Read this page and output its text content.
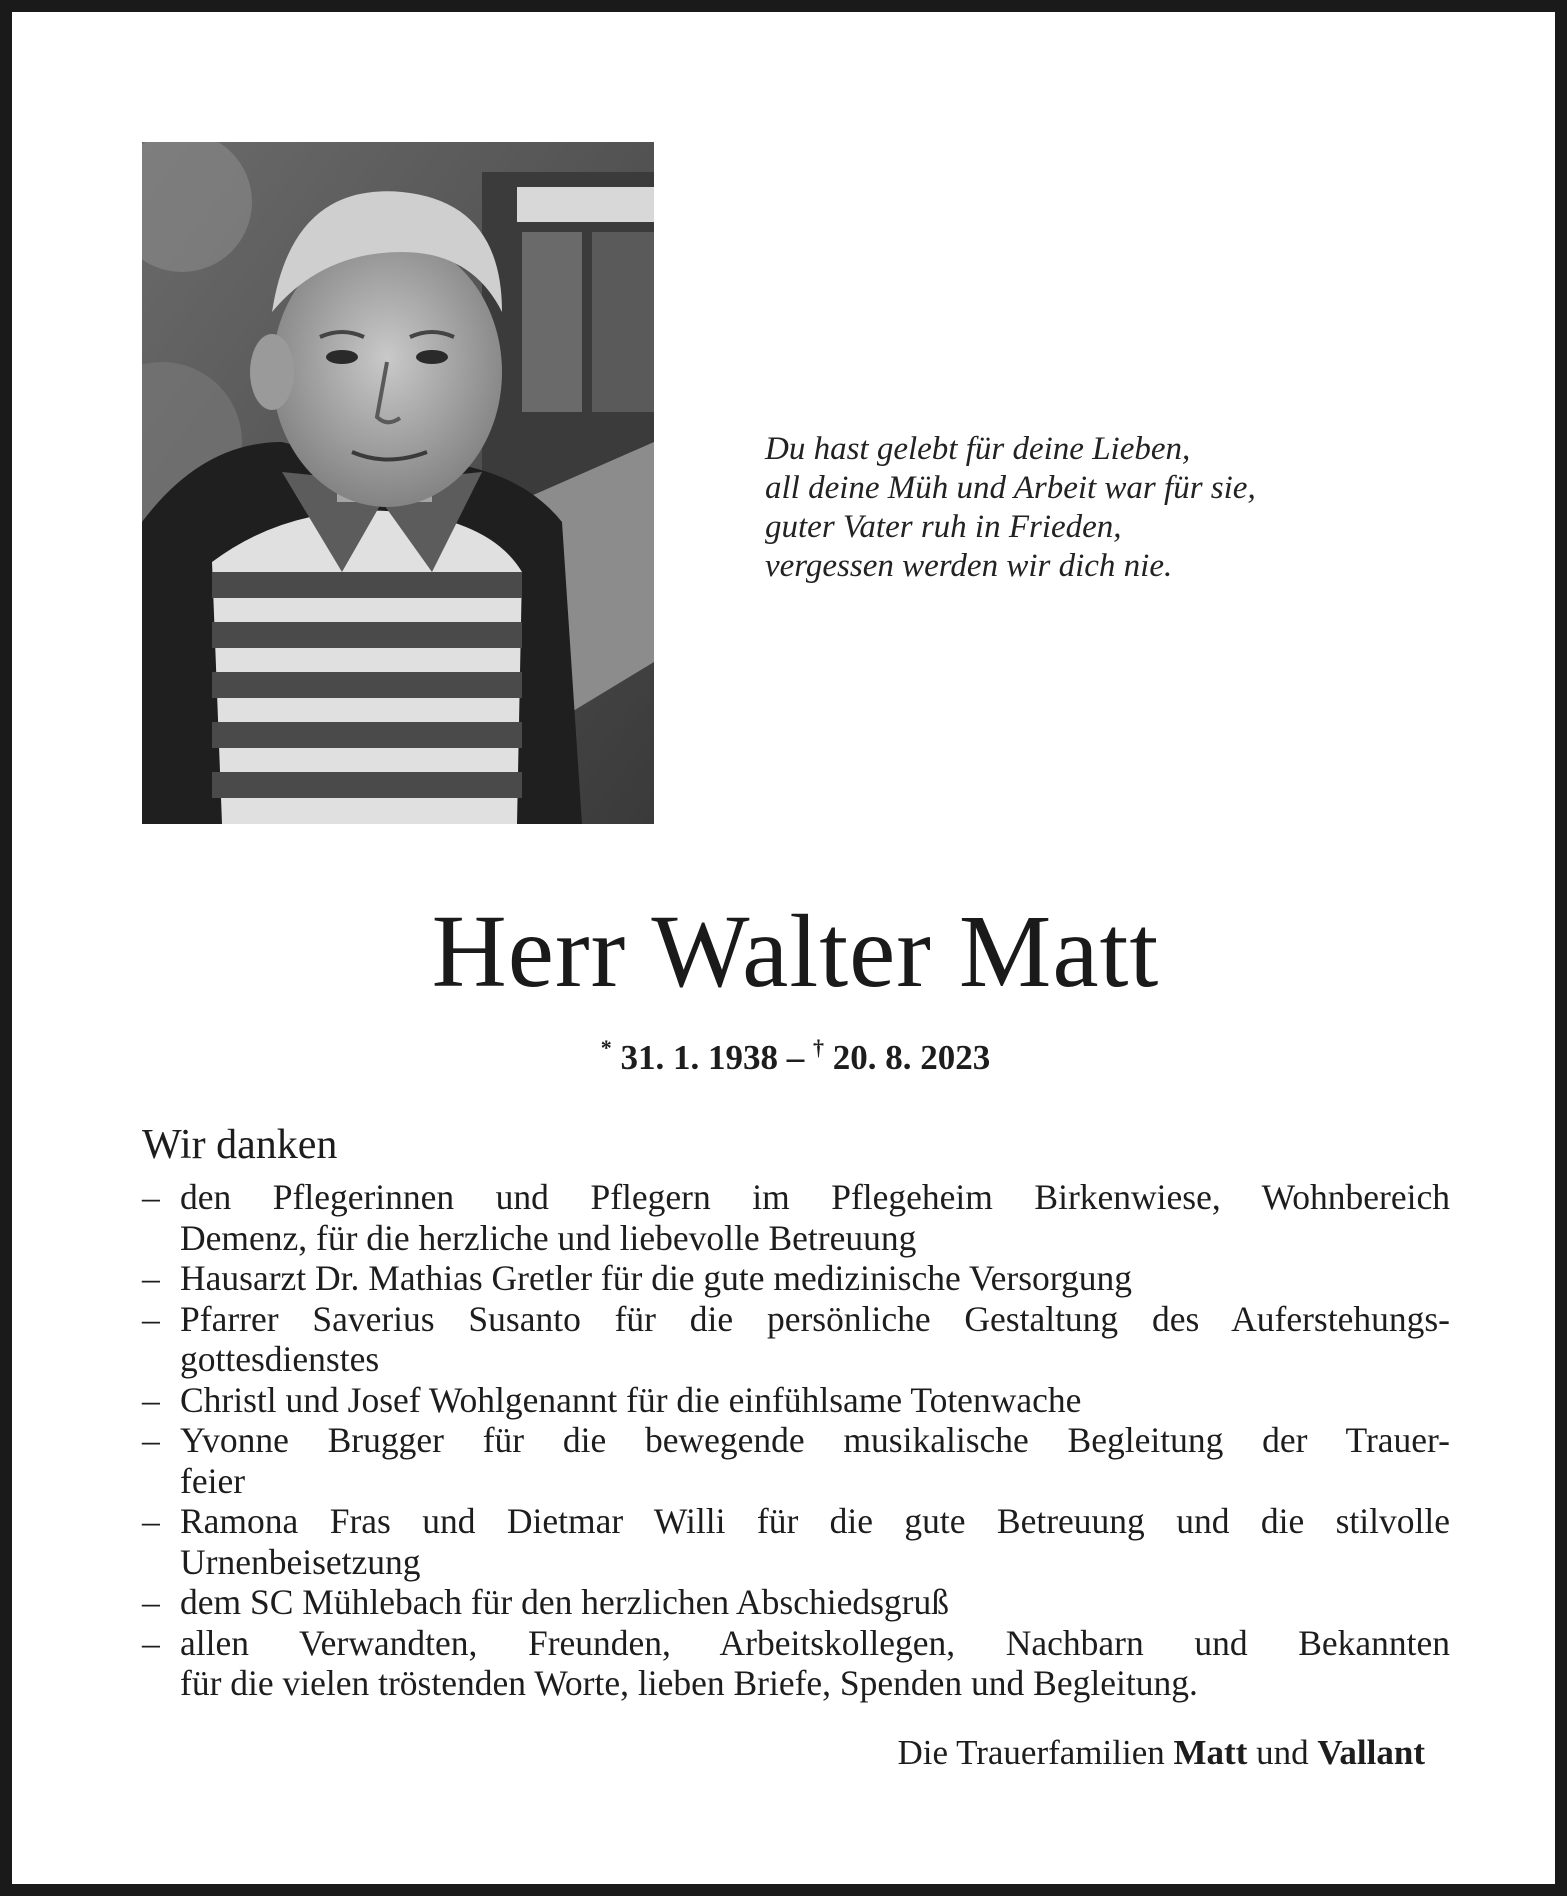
Du hast gelebt für deine Lieben,
all deine Müh und Arbeit war für sie,
guter Vater ruh in Frieden,
vergessen werden wir dich nie.
Herr Walter Matt
* 31. 1. 1938 – † 20. 8. 2023
Wir danken
– den Pflegerinnen und Pflegern im Pflegeheim Birkenwiese, Wohnbereich
Demenz, für die herzliche und liebevolle Betreuung
– Hausarzt Dr. Mathias Gretler für die gute medizinische Versorgung
– Pfarrer Saverius Susanto für die persönliche Gestaltung des Auferstehungs-
gottesdienstes
– Christl und Josef Wohlgenannt für die einfühlsame Totenwache
– Yvonne Brugger für die bewegende musikalische Begleitung der Trauer-
feier
– Ramona Fras und Dietmar Willi für die gute Betreuung und die stilvolle
Urnenbeisetzung
– dem SC Mühlebach für den herzlichen Abschiedsgruß
– allen Verwandten, Freunden, Arbeitskollegen, Nachbarn und Bekannten
für die vielen tröstenden Worte, lieben Briefe, Spenden und Begleitung.
Die Trauerfamilien Matt und Vallant
